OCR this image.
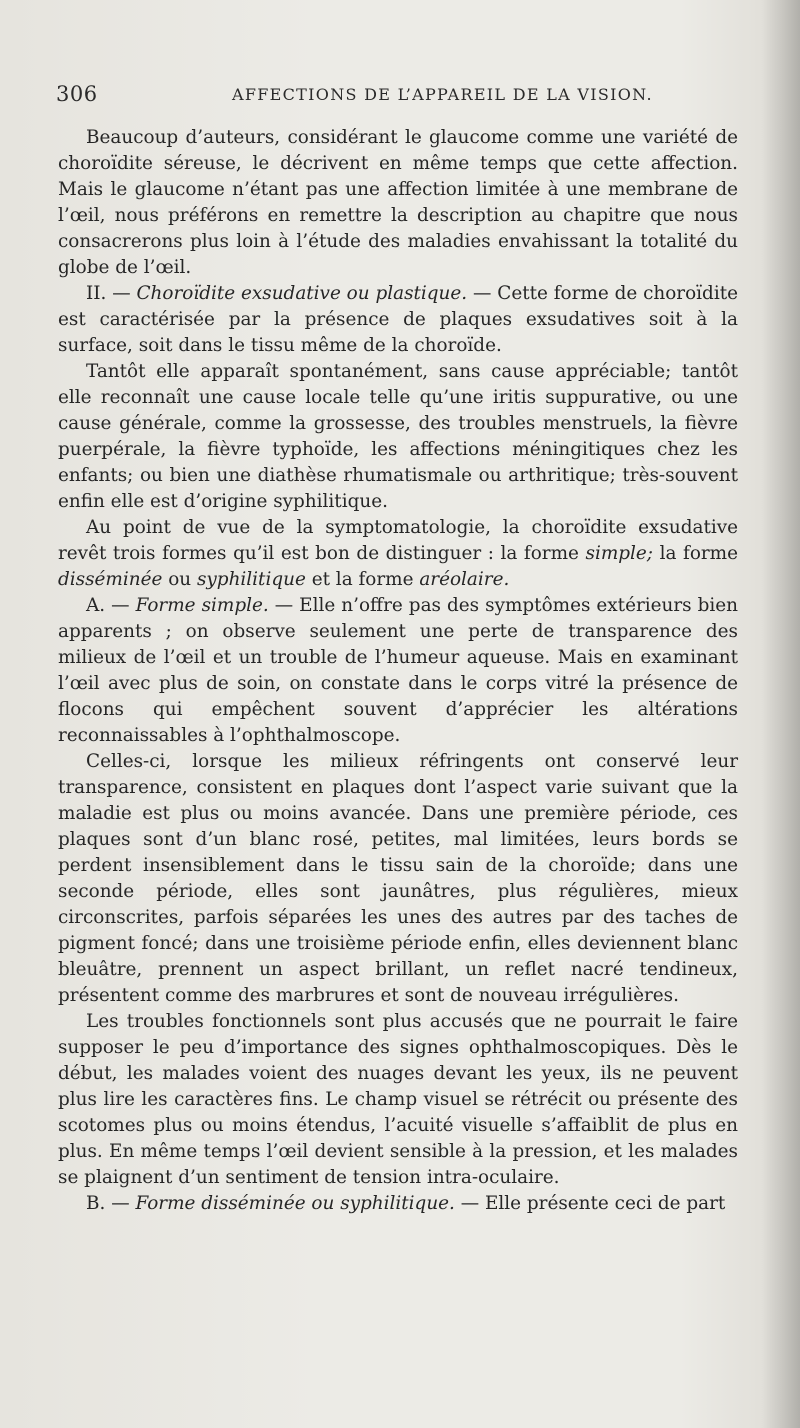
306	AFFECTIONS DE L’APPAREIL DE LA VISION.

Beaucoup d’auteurs, considérant le glaucome comme une variété de choroïdite séreuse, le décrivent en même temps que cette affection. Mais le glaucome n’étant pas une affection limitée à une membrane de l’œil, nous préférons en remettre la description au chapitre que nous consacrerons plus loin à l’étude des maladies envahissant la totalité du globe de l’œil.

II. — Choroïdite exsudative ou plastique. — Cette forme de choroïdite est caractérisée par la présence de plaques exsudatives soit à la surface, soit dans le tissu même de la choroïde.

Tantôt elle apparaît spontanément, sans cause appréciable; tantôt elle reconnaît une cause locale telle qu’une iritis suppurative, ou une cause générale, comme la grossesse, des troubles menstruels, la fièvre puerpérale, la fièvre typhoïde, les affections méningitiques chez les enfants; ou bien une diathèse rhumatismale ou arthritique; très-souvent enfin elle est d’origine syphilitique.

Au point de vue de la symptomatologie, la choroïdite exsudative revêt trois formes qu’il est bon de distinguer : la forme simple; la forme disséminée ou syphilitique et la forme aréolaire.

A. — Forme simple. — Elle n’offre pas des symptômes extérieurs bien apparents ; on observe seulement une perte de transparence des milieux de l’œil et un trouble de l’humeur aqueuse. Mais en examinant l’œil avec plus de soin, on constate dans le corps vitré la présence de flocons qui empêchent souvent d’apprécier les altérations reconnaissables à l’ophthalmoscope.

Celles-ci, lorsque les milieux réfringents ont conservé leur transparence, consistent en plaques dont l’aspect varie suivant que la maladie est plus ou moins avancée. Dans une première période, ces plaques sont d’un blanc rosé, petites, mal limitées, leurs bords se perdent insensiblement dans le tissu sain de la choroïde; dans une seconde période, elles sont jaunâtres, plus régulières, mieux circonscrites, parfois séparées les unes des autres par des taches de pigment foncé; dans une troisième période enfin, elles deviennent blanc bleuâtre, prennent un aspect brillant, un reflet nacré tendineux, présentent comme des marbrures et sont de nouveau irrégulières.

Les troubles fonctionnels sont plus accusés que ne pourrait le faire supposer le peu d’importance des signes ophthalmoscopiques. Dès le début, les malades voient des nuages devant les yeux, ils ne peuvent plus lire les caractères fins. Le champ visuel se rétrécit ou présente des scotomes plus ou moins étendus, l’acuité visuelle s’affaiblit de plus en plus. En même temps l’œil devient sensible à la pression, et les malades se plaignent d’un sentiment de tension intra-oculaire.

B. — Forme disséminée ou syphilitique. — Elle présente ceci de part
